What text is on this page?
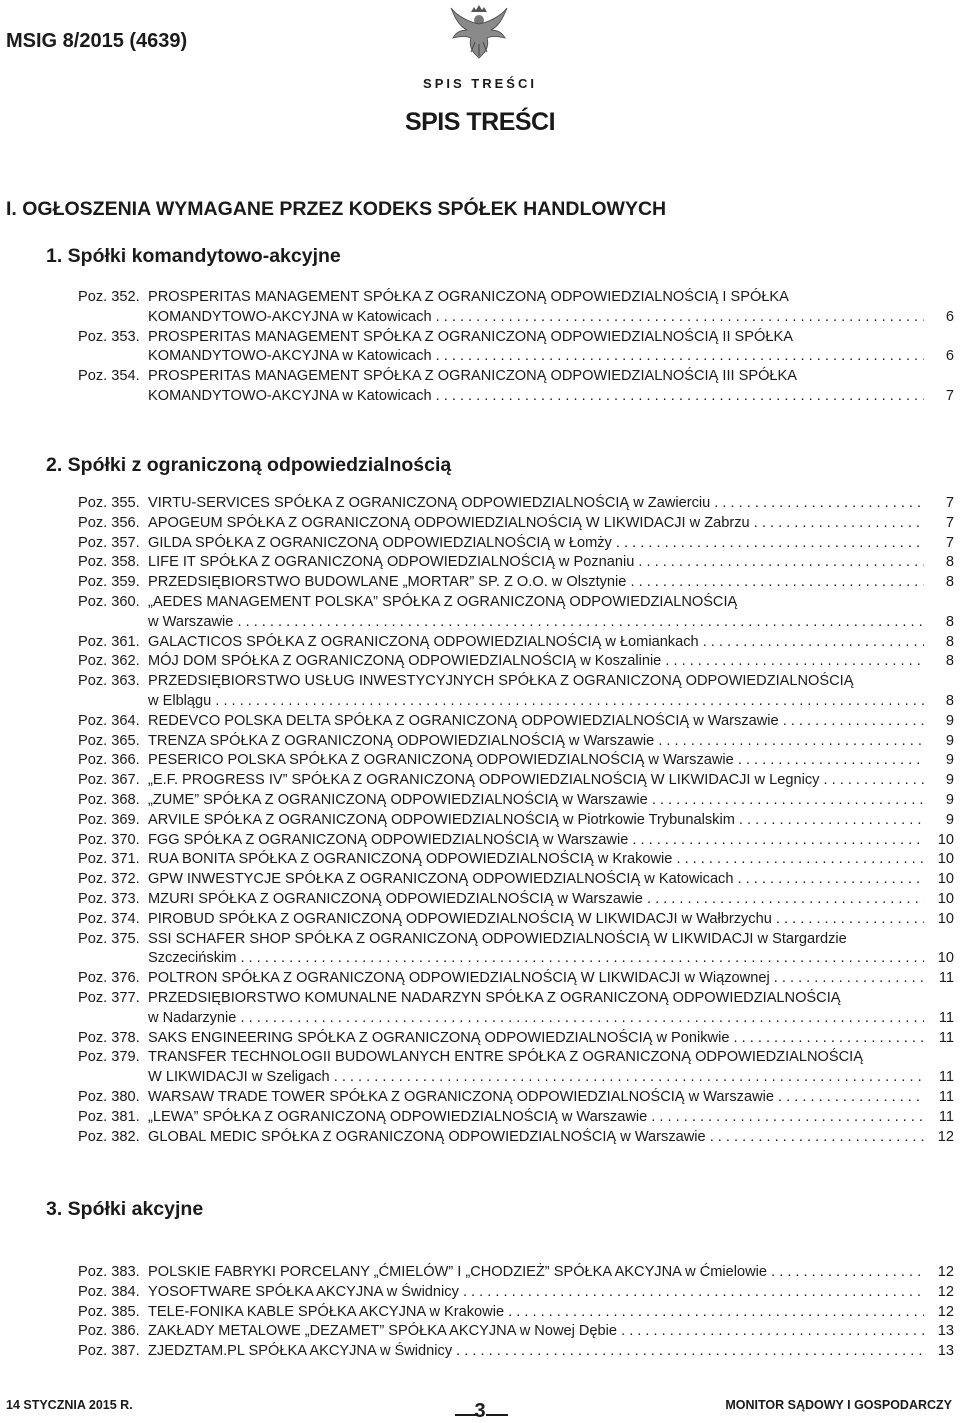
MSIG 8/2015 (4639)
SPIS TREŚCI
SPIS TREŚCI
I. OGŁOSZENIA WYMAGANE PRZEZ KODEKS SPÓŁEK HANDLOWYCH
1. Spółki komandytowo-akcyjne
Poz. 352. PROSPERITAS MANAGEMENT SPÓŁKA Z OGRANICZONĄ ODPOWIEDZIALNOŚCIĄ I SPÓŁKA
KOMANDYTOWO-AKCYJNA w Katowicach . . .	6
Poz. 353. PROSPERITAS MANAGEMENT SPÓŁKA Z OGRANICZONĄ ODPOWIEDZIALNOŚCIĄ II SPÓŁKA
KOMANDYTOWO-AKCYJNA w Katowicach . . .	6
Poz. 354. PROSPERITAS MANAGEMENT SPÓŁKA Z OGRANICZONĄ ODPOWIEDZIALNOŚCIĄ III SPÓŁKA
KOMANDYTOWO-AKCYJNA w Katowicach . . .	7
2. Spółki z ograniczoną odpowiedzialnością
Poz. 355. VIRTU-SERVICES SPÓŁKA Z OGRANICZONĄ ODPOWIEDZIALNOŚCIĄ w Zawierciu . . .	7
Poz. 356. APOGEUM SPÓŁKA Z OGRANICZONĄ ODPOWIEDZIALNOŚCIĄ W LIKWIDACJI w Zabrzu . . .	7
Poz. 357. GILDA SPÓŁKA Z OGRANICZONĄ ODPOWIEDZIALNOŚCIĄ w Łomży . . .	7
Poz. 358. LIFE IT SPÓŁKA Z OGRANICZONĄ ODPOWIEDZIALNOŚCIĄ w Poznaniu . . .	8
Poz. 359. PRZEDSIĘBIORSTWO BUDOWLANE „MORTAR” SP. Z O.O. w Olsztynie . . .	8
Poz. 360. „AEDES MANAGEMENT POLSKA” SPÓŁKA Z OGRANICZONĄ ODPOWIEDZIALNOŚCIĄ
w Warszawie . . .	8
Poz. 361. GALACTICOS SPÓŁKA Z OGRANICZONĄ ODPOWIEDZIALNOŚCIĄ w Łomiankach . . .	8
Poz. 362. MÓJ DOM SPÓŁKA Z OGRANICZONĄ ODPOWIEDZIALNOŚCIĄ w Koszalinie . . .	8
Poz. 363. PRZEDSIĘBIORSTWO USŁUG INWESTYCYJNYCH SPÓŁKA Z OGRANICZONĄ ODPOWIEDZIALNOŚCIĄ
w Elblągu . . .	8
Poz. 364. REDEVCO POLSKA DELTA SPÓŁKA Z OGRANICZONĄ ODPOWIEDZIALNOŚCIĄ w Warszawie . . .	9
Poz. 365. TRENZA SPÓŁKA Z OGRANICZONĄ ODPOWIEDZIALNOŚCIĄ w Warszawie . . .	9
Poz. 366. PESERICO POLSKA SPÓŁKA Z OGRANICZONĄ ODPOWIEDZIALNOŚCIĄ w Warszawie . . .	9
Poz. 367. „E.F. PROGRESS IV” SPÓŁKA Z OGRANICZONĄ ODPOWIEDZIALNOŚCIĄ W LIKWIDACJI w Legnicy . . .	9
Poz. 368. „ZUME” SPÓŁKA Z OGRANICZONĄ ODPOWIEDZIALNOŚCIĄ w Warszawie . . .	9
Poz. 369. ARVILE SPÓŁKA Z OGRANICZONĄ ODPOWIEDZIALNOŚCIĄ w Piotrkowie Trybunalskim . . .	9
Poz. 370. FGG SPÓŁKA Z OGRANICZONĄ ODPOWIEDZIALNOŚCIĄ w Warszawie . . .	10
Poz. 371. RUA BONITA SPÓŁKA Z OGRANICZONĄ ODPOWIEDZIALNOŚCIĄ w Krakowie . . .	10
Poz. 372. GPW INWESTYCJE SPÓŁKA Z OGRANICZONĄ ODPOWIEDZIALNOŚCIĄ w Katowicach . . .	10
Poz. 373. MZURI SPÓŁKA Z OGRANICZONĄ ODPOWIEDZIALNOŚCIĄ w Warszawie . . .	10
Poz. 374. PIROBUD SPÓŁKA Z OGRANICZONĄ ODPOWIEDZIALNOŚCIĄ W LIKWIDACJI w Wałbrzychu . . .	10
Poz. 375. SSI SCHAFER SHOP SPÓŁKA Z OGRANICZONĄ ODPOWIEDZIALNOŚCIĄ W LIKWIDACJI w Stargardzie
Szczecińskim . . .	10
Poz. 376. POLTRON SPÓŁKA Z OGRANICZONĄ ODPOWIEDZIALNOŚCIĄ W LIKWIDACJI w Wiązownej . . .	11
Poz. 377. PRZEDSIĘBIORSTWO KOMUNALNE NADARZYN SPÓŁKA Z OGRANICZONĄ ODPOWIEDZIALNOŚCIĄ
w Nadarzynie . . .	11
Poz. 378. SAKS ENGINEERING SPÓŁKA Z OGRANICZONĄ ODPOWIEDZIALNOŚCIĄ w Ponikwie . . .	11
Poz. 379. TRANSFER TECHNOLOGII BUDOWLANYCH ENTRE SPÓŁKA Z OGRANICZONĄ ODPOWIEDZIALNOŚCIĄ
W LIKWIDACJI w Szeligach . . .	11
Poz. 380. WARSAW TRADE TOWER SPÓŁKA Z OGRANICZONĄ ODPOWIEDZIALNOŚCIĄ w Warszawie . . .	11
Poz. 381. „LEWA” SPÓŁKA Z OGRANICZONĄ ODPOWIEDZIALNOŚCIĄ w Warszawie . . .	11
Poz. 382. GLOBAL MEDIC SPÓŁKA Z OGRANICZONĄ ODPOWIEDZIALNOŚCIĄ w Warszawie . . .	12
3. Spółki akcyjne
Poz. 383. POLSKIE FABRYKI PORCELANY „ĆMIELÓW” I „CHODZIEŻ” SPÓŁKA AKCYJNA w Ćmielowie . . .	12
Poz. 384. YOSOFTWARE SPÓŁKA AKCYJNA w Świdnicy . . .	12
Poz. 385. TELE-FONIKA KABLE SPÓŁKA AKCYJNA w Krakowie . . .	12
Poz. 386. ZAKŁADY METALOWE „DEZAMET” SPÓŁKA AKCYJNA w Nowej Dębie . . .	13
Poz. 387. ZJEDZTAM.PL SPÓŁKA AKCYJNA w Świdnicy . . .	13
14 STYCZNIA 2015 R.	3	MONITOR SĄDOWY I GOSPODARCZY
